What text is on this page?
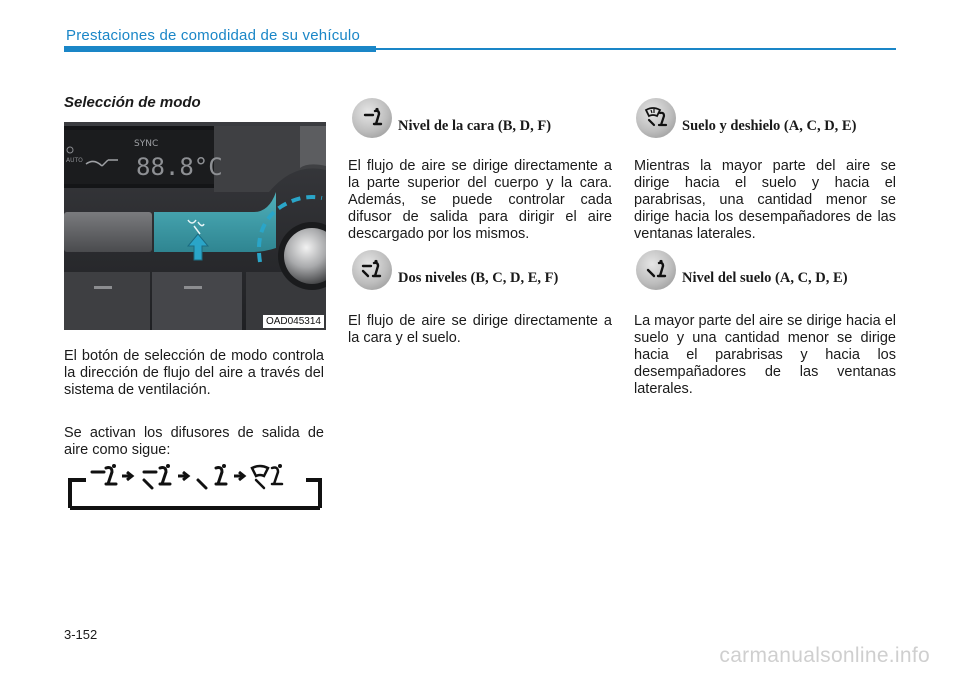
Prestaciones de comodidad de su vehículo
Selección de modo
SYNC
88.8°C
AUTO
OAD045314
El botón de selección de modo controla la dirección de flujo del aire a través del sistema de ventilación.
Se activan los difusores de salida de aire como sigue:
Nivel de la cara (B, D, F)
El flujo de aire se dirige directamente a la parte superior del cuerpo y la cara. Además, se puede controlar cada difusor de salida para dirigir el aire descargado por los mismos.
Dos niveles (B, C, D, E, F)
El flujo de aire se dirige directamente a la cara y el suelo.
Suelo y deshielo (A, C, D, E)
Mientras la mayor parte del aire se dirige hacia el suelo y hacia el parabrisas, una cantidad menor se dirige hacia los desempañadores de las ventanas laterales.
Nivel del suelo (A, C, D, E)
La mayor parte del aire se dirige hacia el suelo y una cantidad menor se dirige hacia el parabrisas y hacia los desempañadores de las ventanas laterales.
3-152
carmanualsonline.info
